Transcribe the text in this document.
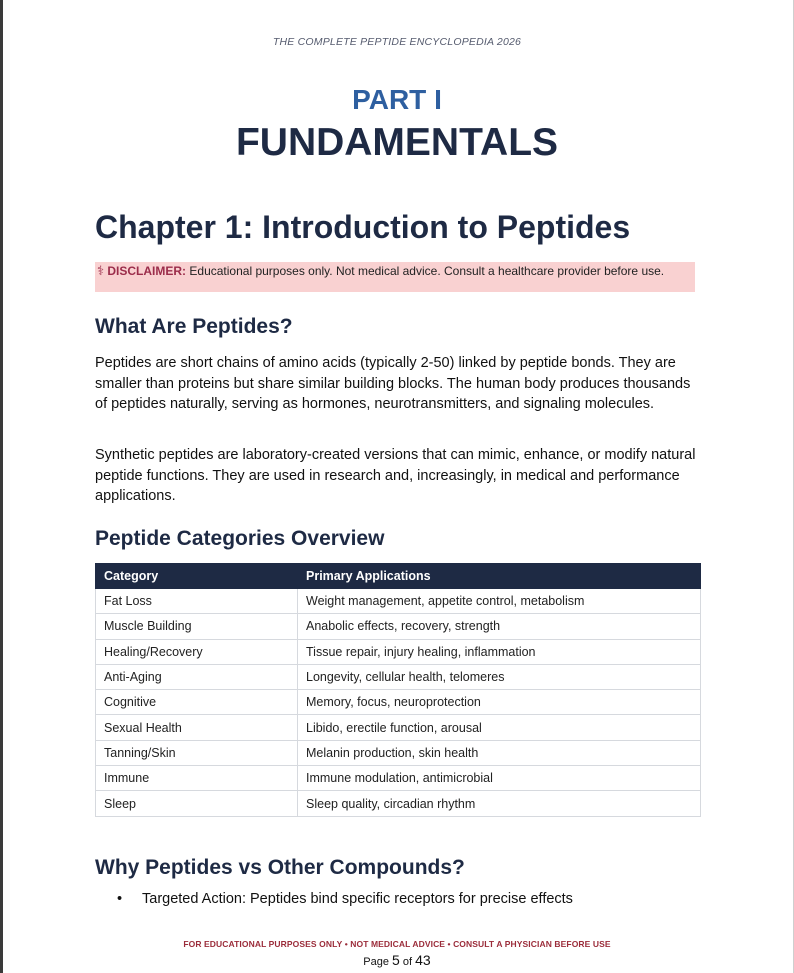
THE COMPLETE PEPTIDE ENCYCLOPEDIA 2026
PART I
FUNDAMENTALS
Chapter 1: Introduction to Peptides
⚕ DISCLAIMER: Educational purposes only. Not medical advice. Consult a healthcare provider before use.
What Are Peptides?

Peptides are short chains of amino acids (typically 2-50) linked by peptide bonds. They are smaller than proteins but share similar building blocks. The human body produces thousands of peptides naturally, serving as hormones, neurotransmitters, and signaling molecules.

Synthetic peptides are laboratory-created versions that can mimic, enhance, or modify natural peptide functions. They are used in research and, increasingly, in medical and performance applications.

Peptide Categories Overview
Category	Primary Applications
Fat Loss	Weight management, appetite control, metabolism
Muscle Building	Anabolic effects, recovery, strength
Healing/Recovery	Tissue repair, injury healing, inflammation
Anti-Aging	Longevity, cellular health, telomeres
Cognitive	Memory, focus, neuroprotection
Sexual Health	Libido, erectile function, arousal
Tanning/Skin	Melanin production, skin health
Immune	Immune modulation, antimicrobial
Sleep	Sleep quality, circadian rhythm
Why Peptides vs Other Compounds?
• Targeted Action: Peptides bind specific receptors for precise effects
FOR EDUCATIONAL PURPOSES ONLY • NOT MEDICAL ADVICE • CONSULT A PHYSICIAN BEFORE USE
Page 5 of 43
